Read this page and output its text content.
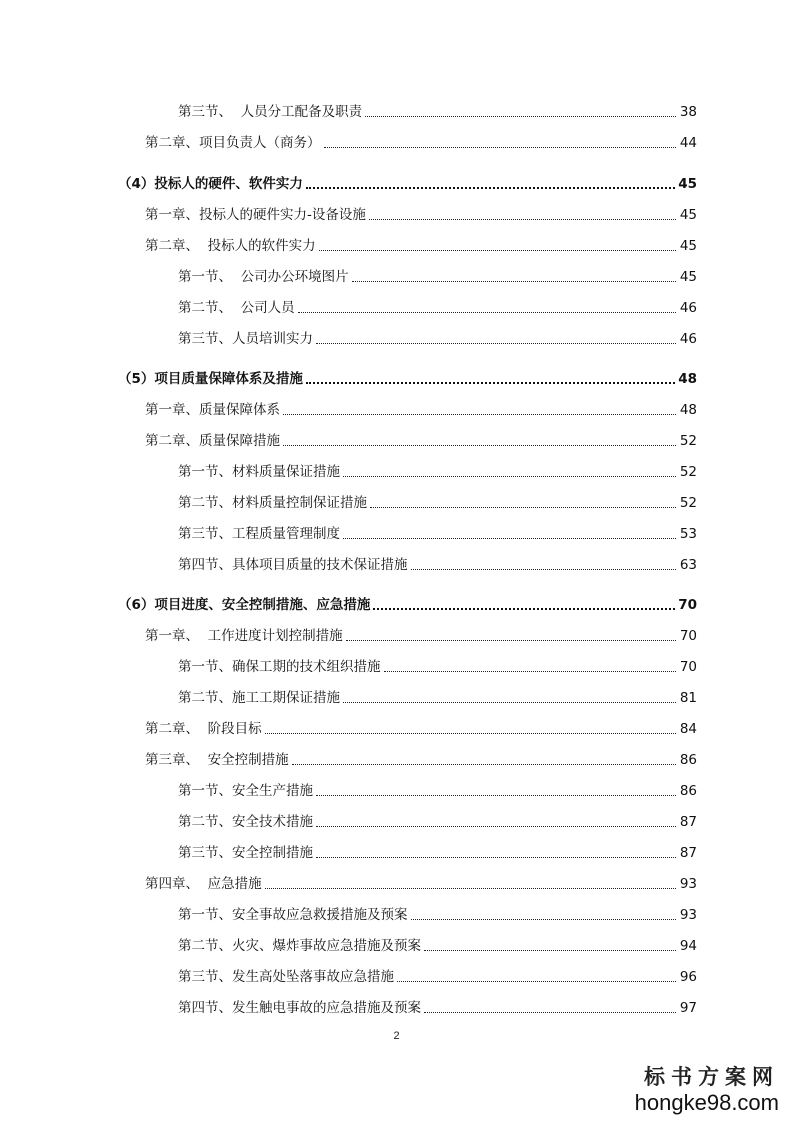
第三节、  人员分工配备及职责	38
第二章、项目负责人（商务）	44
（4）投标人的硬件、软件实力	45
第一章、投标人的硬件实力-设备设施	45
第二章、  投标人的软件实力	45
第一节、  公司办公环境图片	45
第二节、  公司人员	46
第三节、人员培训实力	46
（5）项目质量保障体系及措施	48
第一章、质量保障体系	48
第二章、质量保障措施	52
第一节、材料质量保证措施	52
第二节、材料质量控制保证措施	52
第三节、工程质量管理制度	53
第四节、具体项目质量的技术保证措施	63
（6）项目进度、安全控制措施、应急措施	70
第一章、  工作进度计划控制措施	70
第一节、确保工期的技术组织措施	70
第二节、施工工期保证措施	81
第二章、  阶段目标	84
第三章、  安全控制措施	86
第一节、安全生产措施	86
第二节、安全技术措施	87
第三节、安全控制措施	87
第四章、  应急措施	93
第一节、安全事故应急救援措施及预案	93
第二节、火灾、爆炸事故应急措施及预案	94
第三节、发生高处坠落事故应急措施	96
第四节、发生触电事故的应急措施及预案	97
2
标书方案网
hongke98.com
